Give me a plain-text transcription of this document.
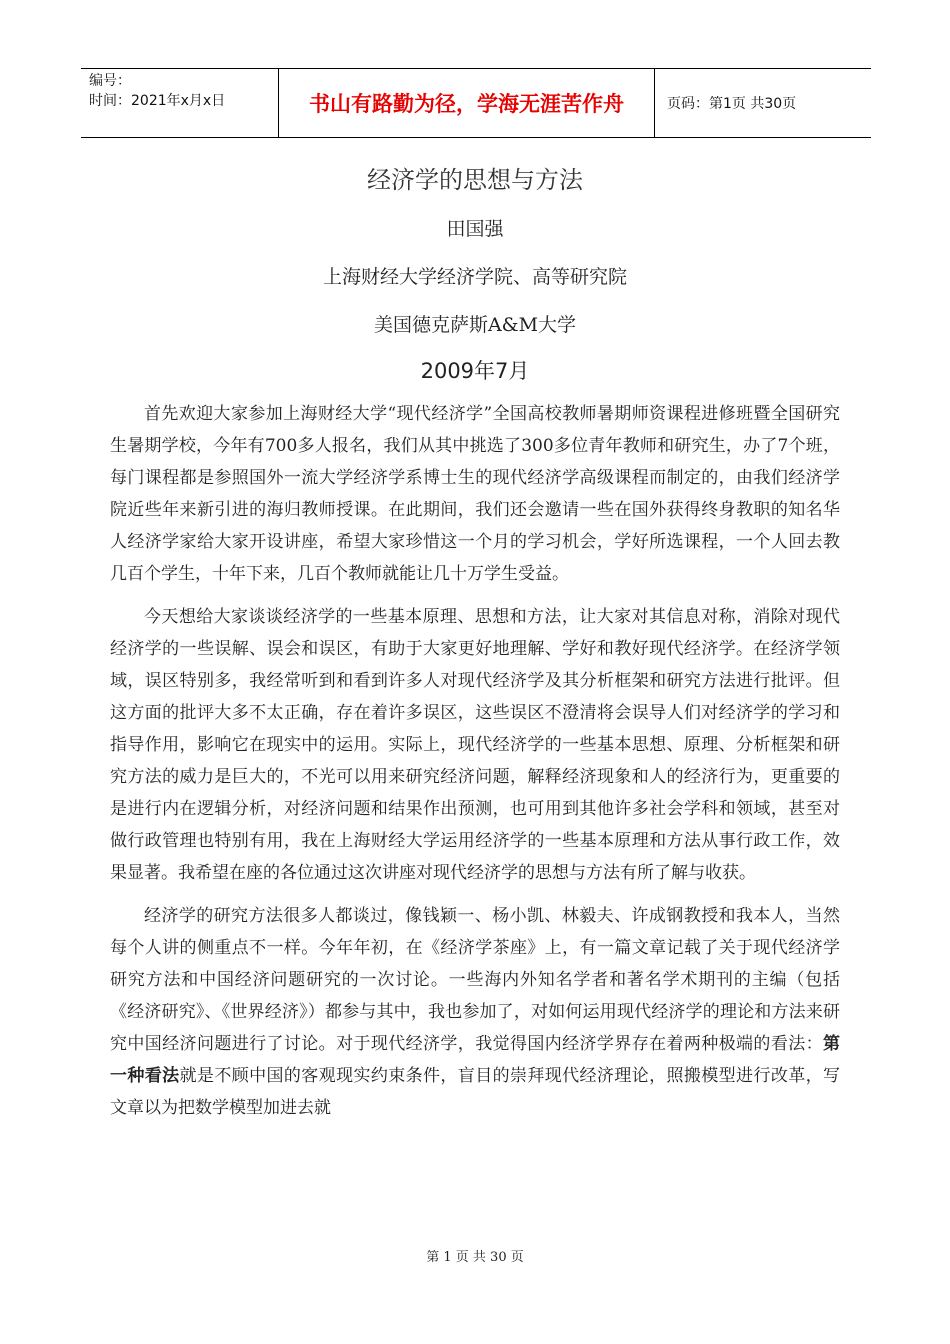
编号：
时间：2021年x月x日	书山有路勤为径，学海无涯苦作舟	页码：第1页 共30页
经济学的思想与方法
田国强
上海财经大学经济学院、高等研究院
美国德克萨斯A&M大学
2009年7月

首先欢迎大家参加上海财经大学“现代经济学”全国高校教师暑期师资课程进修班暨全国研究生暑期学校，今年有700多人报名，我们从其中挑选了300多位青年教师和研究生，办了7个班，每门课程都是参照国外一流大学经济学系博士生的现代经济学高级课程而制定的，由我们经济学院近些年来新引进的海归教师授课。在此期间，我们还会邀请一些在国外获得终身教职的知名华人经济学家给大家开设讲座，希望大家珍惜这一个月的学习机会，学好所选课程，一个人回去教几百个学生，十年下来，几百个教师就能让几十万学生受益。

今天想给大家谈谈经济学的一些基本原理、思想和方法，让大家对其信息对称，消除对现代经济学的一些误解、误会和误区，有助于大家更好地理解、学好和教好现代经济学。在经济学领域，误区特别多，我经常听到和看到许多人对现代经济学及其分析框架和研究方法进行批评。但这方面的批评大多不太正确，存在着许多误区，这些误区不澄清将会误导人们对经济学的学习和指导作用，影响它在现实中的运用。实际上，现代经济学的一些基本思想、原理、分析框架和研究方法的威力是巨大的，不光可以用来研究经济问题，解释经济现象和人的经济行为，更重要的是进行内在逻辑分析，对经济问题和结果作出预测，也可用到其他许多社会学科和领域，甚至对做行政管理也特别有用，我在上海财经大学运用经济学的一些基本原理和方法从事行政工作，效果显著。我希望在座的各位通过这次讲座对现代经济学的思想与方法有所了解与收获。

经济学的研究方法很多人都谈过，像钱颖一、杨小凯、林毅夫、许成钢教授和我本人，当然每个人讲的侧重点不一样。今年年初，在《经济学茶座》上，有一篇文章记载了关于现代经济学研究方法和中国经济问题研究的一次讨论。一些海内外知名学者和著名学术期刊的主编（包括《经济研究》、《世界经济》）都参与其中，我也参加了，对如何运用现代经济学的理论和方法来研究中国经济问题进行了讨论。对于现代经济学，我觉得国内经济学界存在着两种极端的看法：第一种看法就是不顾中国的客观现实约束条件，盲目的崇拜现代经济理论，照搬模型进行改革，写文章以为把数学模型加进去就

第 1 页 共 30 页
